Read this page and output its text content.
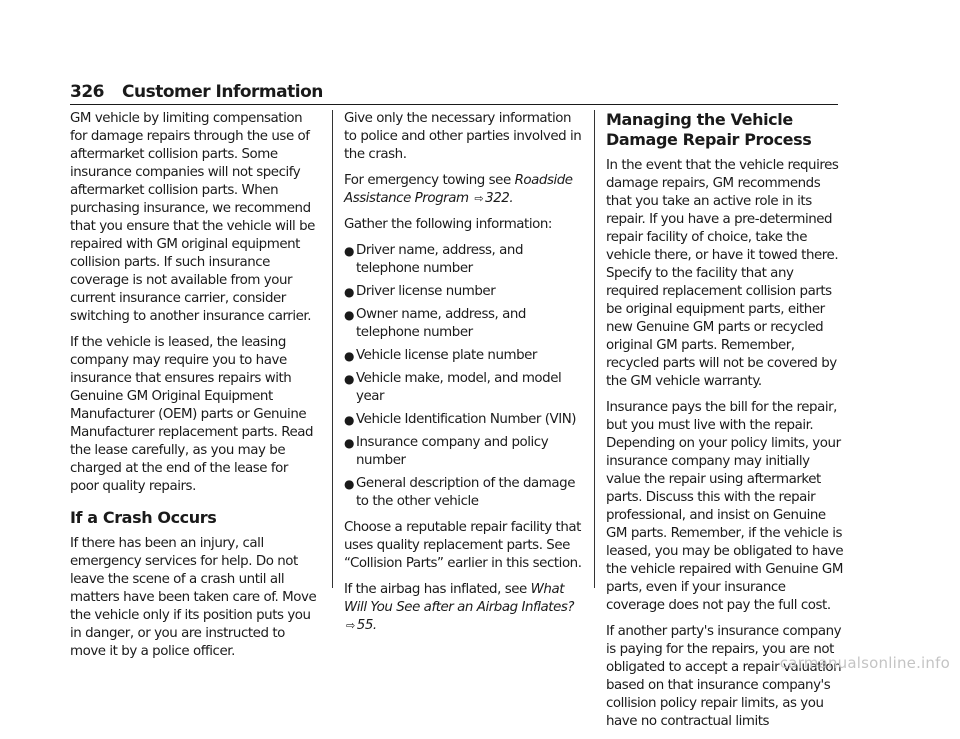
326 Customer Information

GM vehicle by limiting compensation for damage repairs through the use of aftermarket collision parts. Some insurance companies will not specify aftermarket collision parts. When purchasing insurance, we recommend that you ensure that the vehicle will be repaired with GM original equipment collision parts. If such insurance coverage is not available from your current insurance carrier, consider switching to another insurance carrier.

If the vehicle is leased, the leasing company may require you to have insurance that ensures repairs with Genuine GM Original Equipment Manufacturer (OEM) parts or Genuine Manufacturer replacement parts. Read the lease carefully, as you may be charged at the end of the lease for poor quality repairs.

If a Crash Occurs

If there has been an injury, call emergency services for help. Do not leave the scene of a crash until all matters have been taken care of. Move the vehicle only if its position puts you in danger, or you are instructed to move it by a police officer.

Give only the necessary information to police and other parties involved in the crash.

For emergency towing see Roadside Assistance Program ⇨ 322.

Gather the following information:

● Driver name, address, and telephone number
● Driver license number
● Owner name, address, and telephone number
● Vehicle license plate number
● Vehicle make, model, and model year
● Vehicle Identification Number (VIN)
● Insurance company and policy number
● General description of the damage to the other vehicle

Choose a reputable repair facility that uses quality replacement parts. See “Collision Parts” earlier in this section.

If the airbag has inflated, see What Will You See after an Airbag Inflates? ⇨ 55.

Managing the Vehicle Damage Repair Process

In the event that the vehicle requires damage repairs, GM recommends that you take an active role in its repair. If you have a pre-determined repair facility of choice, take the vehicle there, or have it towed there. Specify to the facility that any required replacement collision parts be original equipment parts, either new Genuine GM parts or recycled original GM parts. Remember, recycled parts will not be covered by the GM vehicle warranty.

Insurance pays the bill for the repair, but you must live with the repair. Depending on your policy limits, your insurance company may initially value the repair using aftermarket parts. Discuss this with the repair professional, and insist on Genuine GM parts. Remember, if the vehicle is leased, you may be obligated to have the vehicle repaired with Genuine GM parts, even if your insurance coverage does not pay the full cost.

If another party's insurance company is paying for the repairs, you are not obligated to accept a repair valuation based on that insurance company's collision policy repair limits, as you have no contractual limits

carmanualsonline.info
